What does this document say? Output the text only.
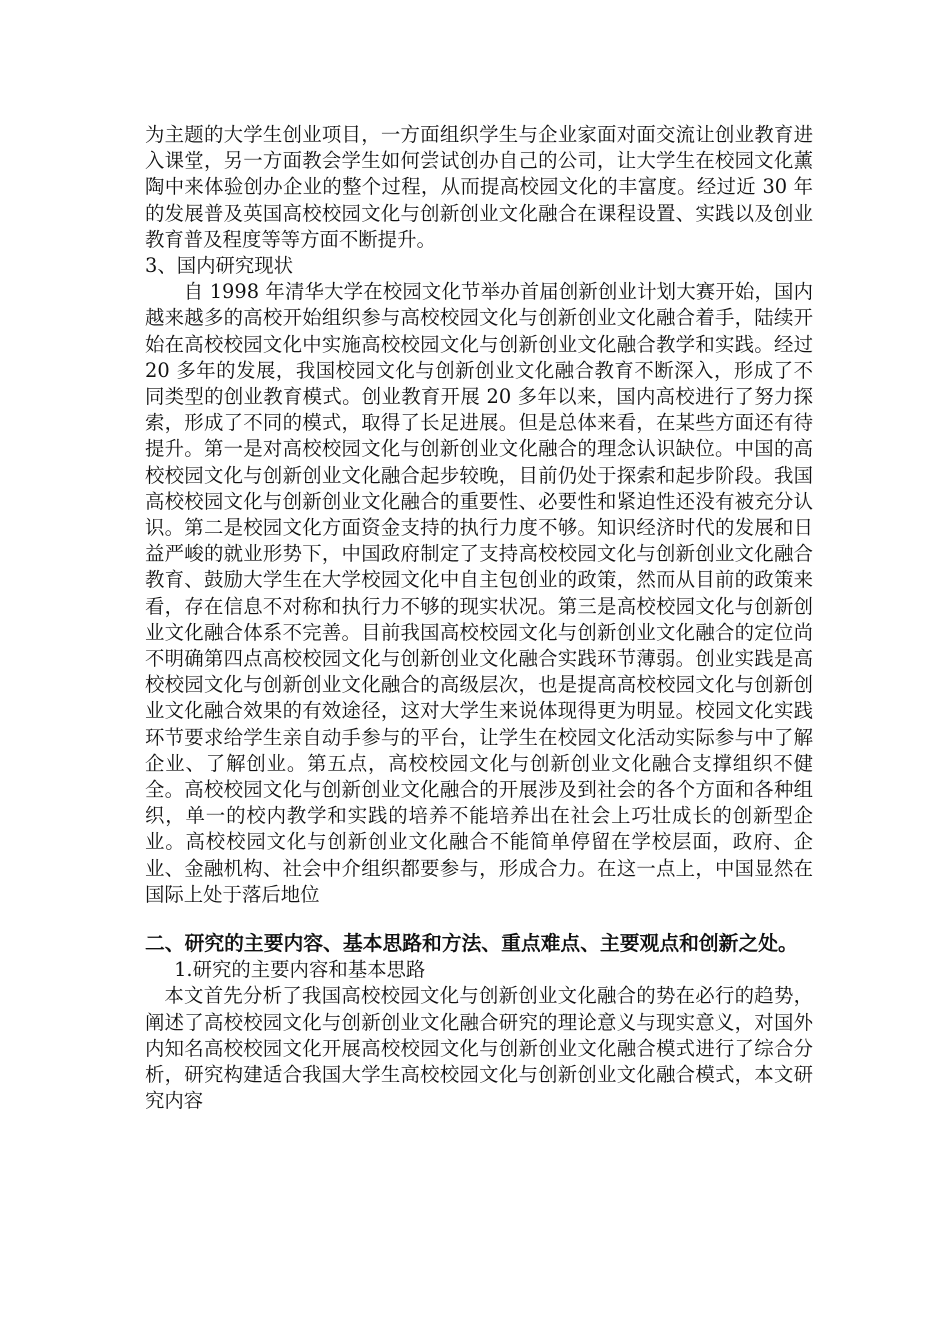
为主题的大学生创业项目，一方面组织学生与企业家面对面交流让创业教育进入课堂，另一方面教会学生如何尝试创办自己的公司，让大学生在校园文化薰陶中来体验创办企业的整个过程，从而提高校园文化的丰富度。经过近 30 年的发展普及英国高校校园文化与创新创业文化融合在课程设置、实践以及创业教育普及程度等等方面不断提升。

3、国内研究现状

自 1998 年清华大学在校园文化节举办首届创新创业计划大赛开始，国内越来越多的高校开始组织参与高校校园文化与创新创业文化融合着手，陆续开始在高校校园文化中实施高校校园文化与创新创业文化融合教学和实践。经过 20 多年的发展，我国校园文化与创新创业文化融合教育不断深入，形成了不同类型的创业教育模式。创业教育开展 20 多年以来，国内高校进行了努力探索，形成了不同的模式，取得了长足进展。但是总体来看，在某些方面还有待提升。第一是对高校校园文化与创新创业文化融合的理念认识缺位。中国的高校校园文化与创新创业文化融合起步较晚，目前仍处于探索和起步阶段。我国高校校园文化与创新创业文化融合的重要性、必要性和紧迫性还没有被充分认识。第二是校园文化方面资金支持的执行力度不够。知识经济时代的发展和日益严峻的就业形势下，中国政府制定了支持高校校园文化与创新创业文化融合教育、鼓励大学生在大学校园文化中自主包创业的政策，然而从目前的政策来看，存在信息不对称和执行力不够的现实状况。第三是高校校园文化与创新创业文化融合体系不完善。目前我国高校校园文化与创新创业文化融合的定位尚不明确第四点高校校园文化与创新创业文化融合实践环节薄弱。创业实践是高校校园文化与创新创业文化融合的高级层次，也是提高高校校园文化与创新创业文化融合效果的有效途径，这对大学生来说体现得更为明显。校园文化实践环节要求给学生亲自动手参与的平台，让学生在校园文化活动实际参与中了解企业、了解创业。第五点，高校校园文化与创新创业文化融合支撑组织不健全。高校校园文化与创新创业文化融合的开展涉及到社会的各个方面和各种组织，单一的校内教学和实践的培养不能培养出在社会上巧壮成长的创新型企业。高校校园文化与创新创业文化融合不能简单停留在学校层面，政府、企业、金融机构、社会中介组织都要参与，形成合力。在这一点上，中国显然在国际上处于落后地位

二、研究的主要内容、基本思路和方法、重点难点、主要观点和创新之处。

1.研究的主要内容和基本思路

本文首先分析了我国高校校园文化与创新创业文化融合的势在必行的趋势，阐述了高校校园文化与创新创业文化融合研究的理论意义与现实意义，对国外内知名高校校园文化开展高校校园文化与创新创业文化融合模式进行了综合分析，研究构建适合我国大学生高校校园文化与创新创业文化融合模式，本文研究内容
